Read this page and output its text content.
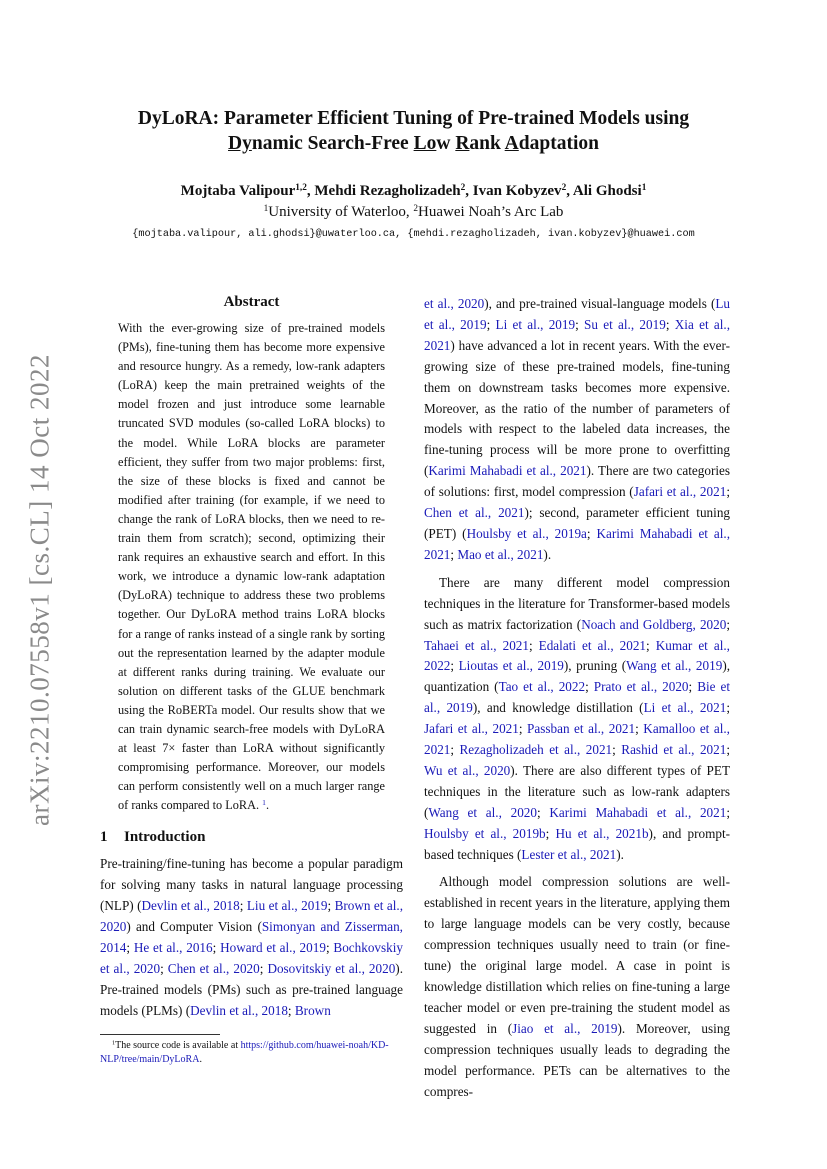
arXiv:2210.07558v1 [cs.CL] 14 Oct 2022
DyLoRA: Parameter Efficient Tuning of Pre-trained Models using
Dynamic Search-Free Low Rank Adaptation
Mojtaba Valipour$^{1,2}$, Mehdi Rezagholizadeh$^2$, Ivan Kobyzev$^2$, Ali Ghodsi$^1$
$^1$University of Waterloo, $^2$Huawei Noah’s Arc Lab
{mojtaba.valipour, ali.ghodsi}@uwaterloo.ca, {mehdi.rezagholizadeh, ivan.kobyzev}@huawei.com
Abstract
With the ever-growing size of pre-trained models (PMs), fine-tuning them has become more expensive and resource hungry. As a remedy, low-rank adapters (LoRA) keep the main pretrained weights of the model frozen and just introduce some learnable truncated SVD modules (so-called LoRA blocks) to the model. While LoRA blocks are parameter efficient, they suffer from two major problems: first, the size of these blocks is fixed and cannot be modified after training (for example, if we need to change the rank of LoRA blocks, then we need to re-train them from scratch); second, optimizing their rank requires an exhaustive search and effort. In this work, we introduce a dynamic low-rank adaptation (DyLoRA) technique to address these two problems together. Our DyLoRA method trains LoRA blocks for a range of ranks instead of a single rank by sorting out the representation learned by the adapter module at different ranks during training. We evaluate our solution on different tasks of the GLUE benchmark using the RoBERTa model. Our results show that we can train dynamic search-free models with DyLoRA at least 7× faster than LoRA without significantly compromising performance. Moreover, our models can perform consistently well on a much larger range of ranks compared to LoRA. $^1$.
1 Introduction

Pre-training/fine-tuning has become a popular paradigm for solving many tasks in natural language processing (NLP) (Devlin et al., 2018; Liu et al., 2019; Brown et al., 2020) and Computer Vision (Simonyan and Zisserman, 2014; He et al., 2016; Howard et al., 2019; Bochkovskiy et al., 2020; Chen et al., 2020; Dosovitskiy et al., 2020). Pre-trained models (PMs) such as pre-trained language models (PLMs) (Devlin et al., 2018; Brown

$^1$The source code is available at https://github.com/huawei-noah/KD-NLP/tree/main/DyLoRA.

et al., 2020), and pre-trained visual-language models (Lu et al., 2019; Li et al., 2019; Su et al., 2019; Xia et al., 2021) have advanced a lot in recent years. With the ever-growing size of these pre-trained models, fine-tuning them on downstream tasks becomes more expensive. Moreover, as the ratio of the number of parameters of models with respect to the labeled data increases, the fine-tuning process will be more prone to overfitting (Karimi Mahabadi et al., 2021). There are two categories of solutions: first, model compression (Jafari et al., 2021; Chen et al., 2021); second, parameter efficient tuning (PET) (Houlsby et al., 2019a; Karimi Mahabadi et al., 2021; Mao et al., 2021).

There are many different model compression techniques in the literature for Transformer-based models such as matrix factorization (Noach and Goldberg, 2020; Tahaei et al., 2021; Edalati et al., 2021; Kumar et al., 2022; Lioutas et al., 2019), pruning (Wang et al., 2019), quantization (Tao et al., 2022; Prato et al., 2020; Bie et al., 2019), and knowledge distillation (Li et al., 2021; Jafari et al., 2021; Passban et al., 2021; Kamalloo et al., 2021; Rezagholizadeh et al., 2021; Rashid et al., 2021; Wu et al., 2020). There are also different types of PET techniques in the literature such as low-rank adapters (Wang et al., 2020; Karimi Mahabadi et al., 2021; Houlsby et al., 2019b; Hu et al., 2021b), and prompt-based techniques (Lester et al., 2021).

Although model compression solutions are well-established in recent years in the literature, applying them to large language models can be very costly, because compression techniques usually need to train (or fine-tune) the original large model. A case in point is knowledge distillation which relies on fine-tuning a large teacher model or even pre-training the student model as suggested in (Jiao et al., 2019). Moreover, using compression techniques usually leads to degrading the model performance. PETs can be alternatives to the compres-
